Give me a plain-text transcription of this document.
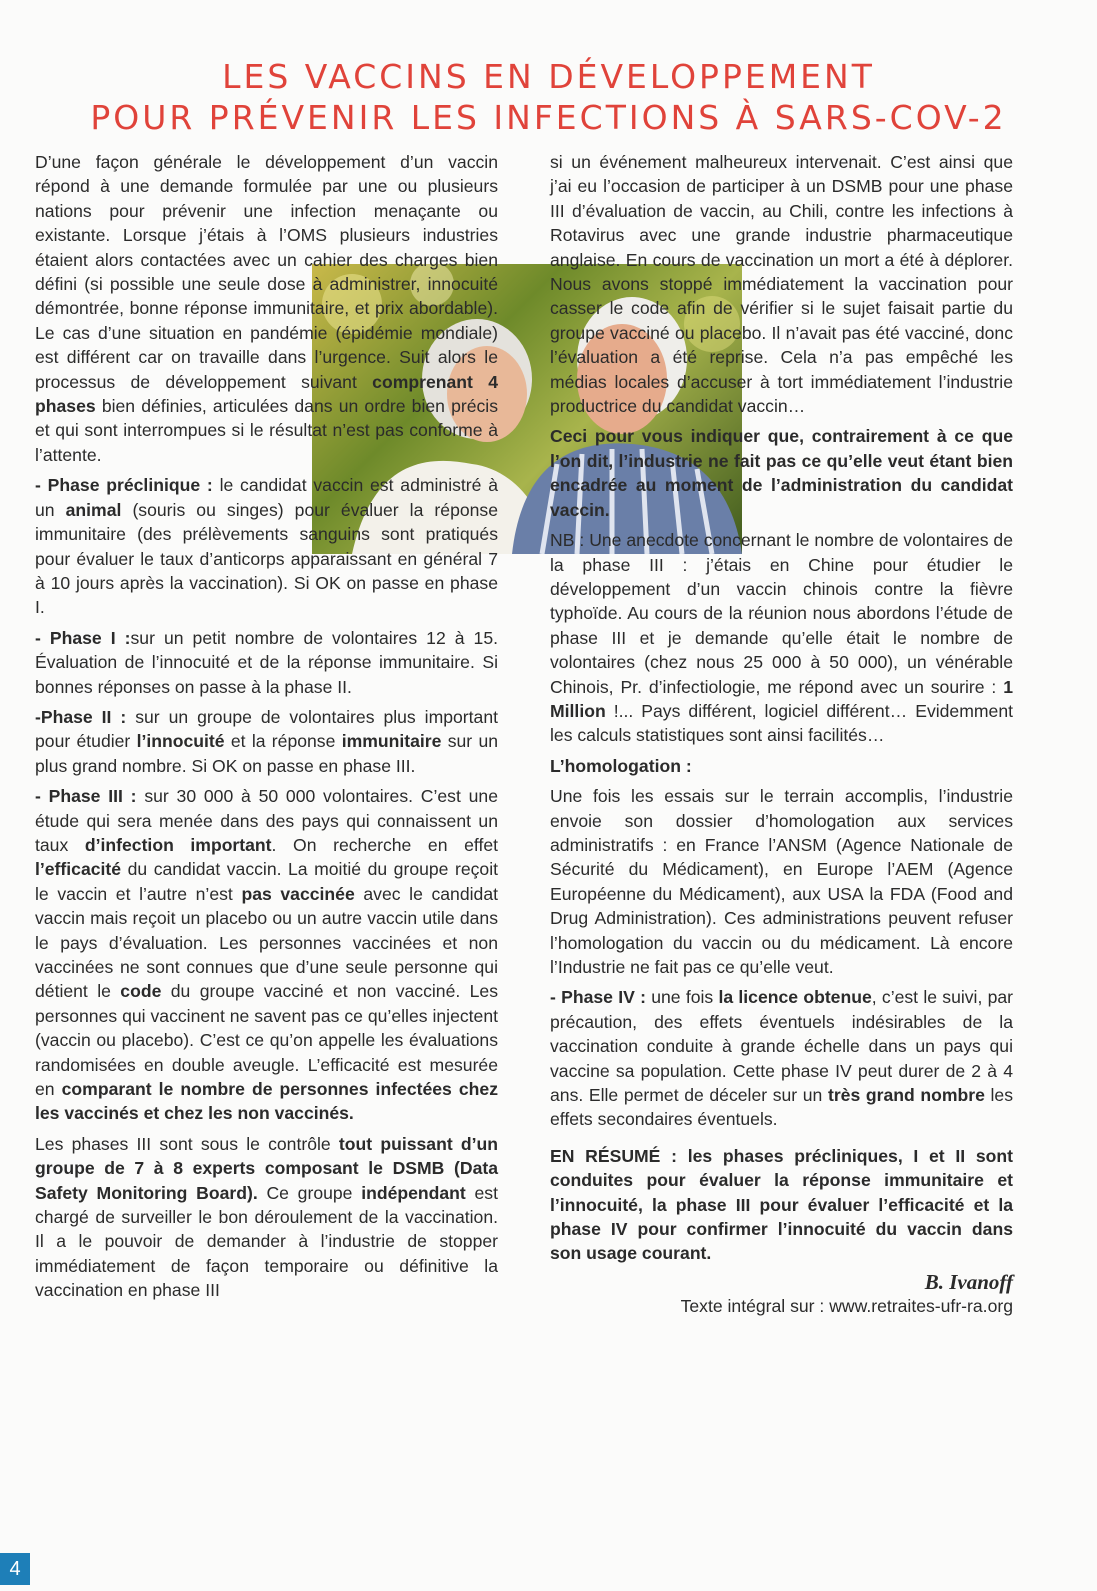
LES VACCINS EN DÉVELOPPEMENT
POUR PRÉVENIR LES INFECTIONS À SARS-COV-2

D’une façon générale le développement d’un vaccin répond à une demande formulée par une ou plusieurs nations pour prévenir une infection menaçante ou existante. Lorsque j’étais à l’OMS plusieurs industries étaient alors contactées avec un cahier des charges bien défini (si possible une seule dose à administrer, innocuité démontrée, bonne réponse immunitaire, et prix abordable). Le cas d’une situation en pandémie (épidémie mondiale) est différent car on travaille dans l’urgence. Suit alors le processus de développement suivant comprenant 4 phases bien définies, articulées dans un ordre bien précis et qui sont interrompues si le résultat n’est pas conforme à l’attente.

- Phase préclinique : le candidat vaccin est administré à un animal (souris ou singes) pour évaluer la réponse immunitaire (des prélèvements sanguins sont pratiqués pour évaluer le taux d’anticorps apparaissant en général 7 à 10 jours après la vaccination). Si OK on passe en phase I.

- Phase I :sur un petit nombre de volontaires 12 à 15. Évaluation de l’innocuité et de la réponse immunitaire. Si bonnes réponses on passe à la phase II.

-Phase II : sur un groupe de volontaires plus important pour étudier l’innocuité et la réponse immunitaire sur un plus grand nombre. Si OK on passe en phase III.

- Phase III : sur 30 000 à 50 000 volontaires. C’est une étude qui sera menée dans des pays qui connaissent un taux d’infection important. On recherche en effet l’efficacité du candidat vaccin. La moitié du groupe reçoit le vaccin et l’autre n’est pas vaccinée avec le candidat vaccin mais reçoit un placebo ou un autre vaccin utile dans le pays d’évaluation. Les personnes vaccinées et non vaccinées ne sont connues que d’une seule personne qui détient le code du groupe vacciné et non vacciné. Les personnes qui vaccinent ne savent pas ce qu’elles injectent (vaccin ou placebo). C’est ce qu’on appelle les évaluations randomisées en double aveugle. L’efficacité est mesurée en comparant le nombre de personnes infectées chez les vaccinés et chez les non vaccinés.

Les phases III sont sous le contrôle tout puissant d’un groupe de 7 à 8 experts composant le DSMB (Data Safety Monitoring Board). Ce groupe indépendant est chargé de surveiller le bon déroulement de la vaccination. Il a le pouvoir de demander à l’industrie de stopper immédiatement de façon temporaire ou définitive la vaccination en phase III

si un événement malheureux intervenait. C’est ainsi que j’ai eu l’occasion de participer à un DSMB pour une phase III d’évaluation de vaccin, au Chili, contre les infections à Rotavirus avec une grande industrie pharmaceutique anglaise. En cours de vaccination un mort a été à déplorer. Nous avons stoppé immédiatement la vaccination pour casser le code afin de vérifier si le sujet faisait partie du groupe vacciné ou placebo. Il n’avait pas été vacciné, donc l’évaluation a été reprise. Cela n’a pas empêché les médias locales d’accuser à tort immédiatement l’industrie productrice du candidat vaccin…

Ceci pour vous indiquer que, contrairement à ce que l’on dit, l’industrie ne fait pas ce qu’elle veut étant bien encadrée au moment de l’administration du candidat vaccin.

NB : Une anecdote concernant le nombre de volontaires de la phase III : j’étais en Chine pour étudier le développement d’un vaccin chinois contre la fièvre typhoïde. Au cours de la réunion nous abordons l’étude de phase III et je demande qu’elle était le nombre de volontaires (chez nous 25 000 à 50 000), un vénérable Chinois, Pr. d’infectiologie, me répond avec un sourire : 1 Million !... Pays différent, logiciel différent… Evidemment les calculs statistiques sont ainsi facilités…

L’homologation :

Une fois les essais sur le terrain accomplis, l’industrie envoie son dossier d’homologation aux services administratifs : en France l’ANSM (Agence Nationale de Sécurité du Médicament), en Europe l’AEM (Agence Européenne du Médicament), aux USA la FDA (Food and Drug Administration). Ces administrations peuvent refuser l’homologation du vaccin ou du médicament. Là encore l’Industrie ne fait pas ce qu’elle veut.

- Phase IV : une fois la licence obtenue, c’est le suivi, par précaution, des effets éventuels indésirables de la vaccination conduite à grande échelle dans un pays qui vaccine sa population. Cette phase IV peut durer de 2 à 4 ans. Elle permet de déceler sur un très grand nombre les effets secondaires éventuels.

EN RÉSUMÉ : les phases précliniques, I et II sont conduites pour évaluer la réponse immunitaire et l’innocuité, la phase III pour évaluer l’efficacité et la phase IV pour confirmer l’innocuité du vaccin dans son usage courant.

B. Ivanoff

Texte intégral sur : www.retraites-ufr-ra.org

4
